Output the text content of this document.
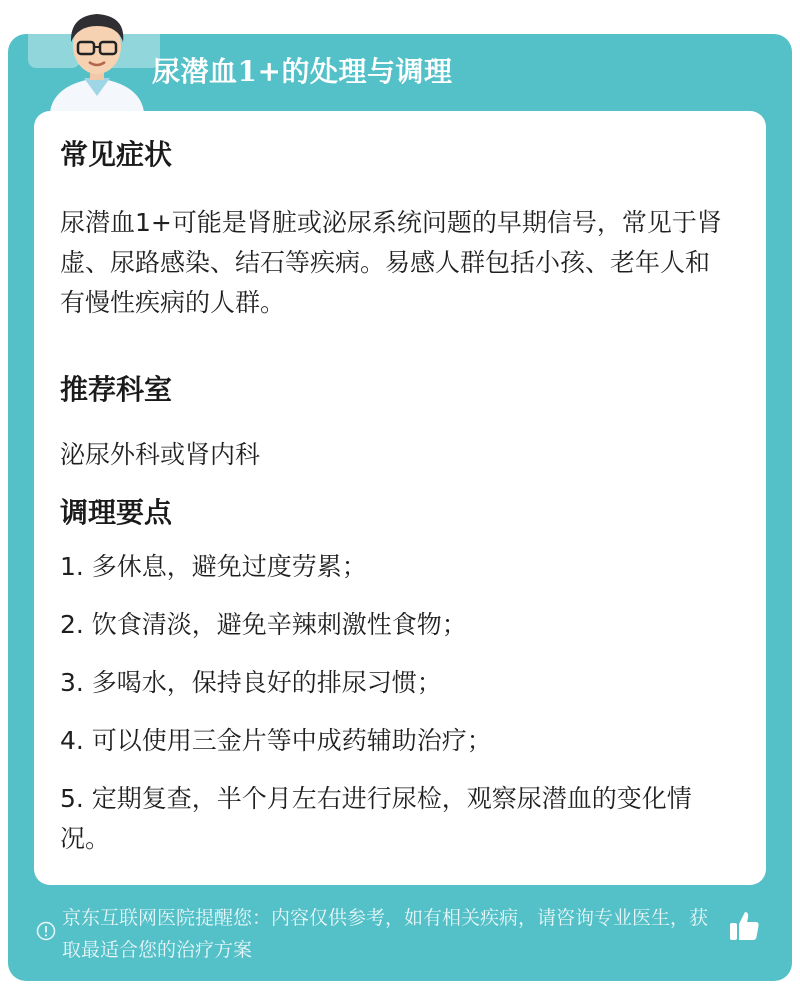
尿潜血1+的处理与调理
常见症状
尿潜血1+可能是肾脏或泌尿系统问题的早期信号，常见于肾虚、尿路感染、结石等疾病。易感人群包括小孩、老年人和有慢性疾病的人群。
推荐科室
泌尿外科或肾内科
调理要点
1. 多休息，避免过度劳累；
2. 饮食清淡，避免辛辣刺激性食物；
3. 多喝水，保持良好的排尿习惯；
4. 可以使用三金片等中成药辅助治疗；
5. 定期复查，半个月左右进行尿检，观察尿潜血的变化情况。
京东互联网医院提醒您：内容仅供参考，如有相关疾病，请咨询专业医生，获取最适合您的治疗方案
